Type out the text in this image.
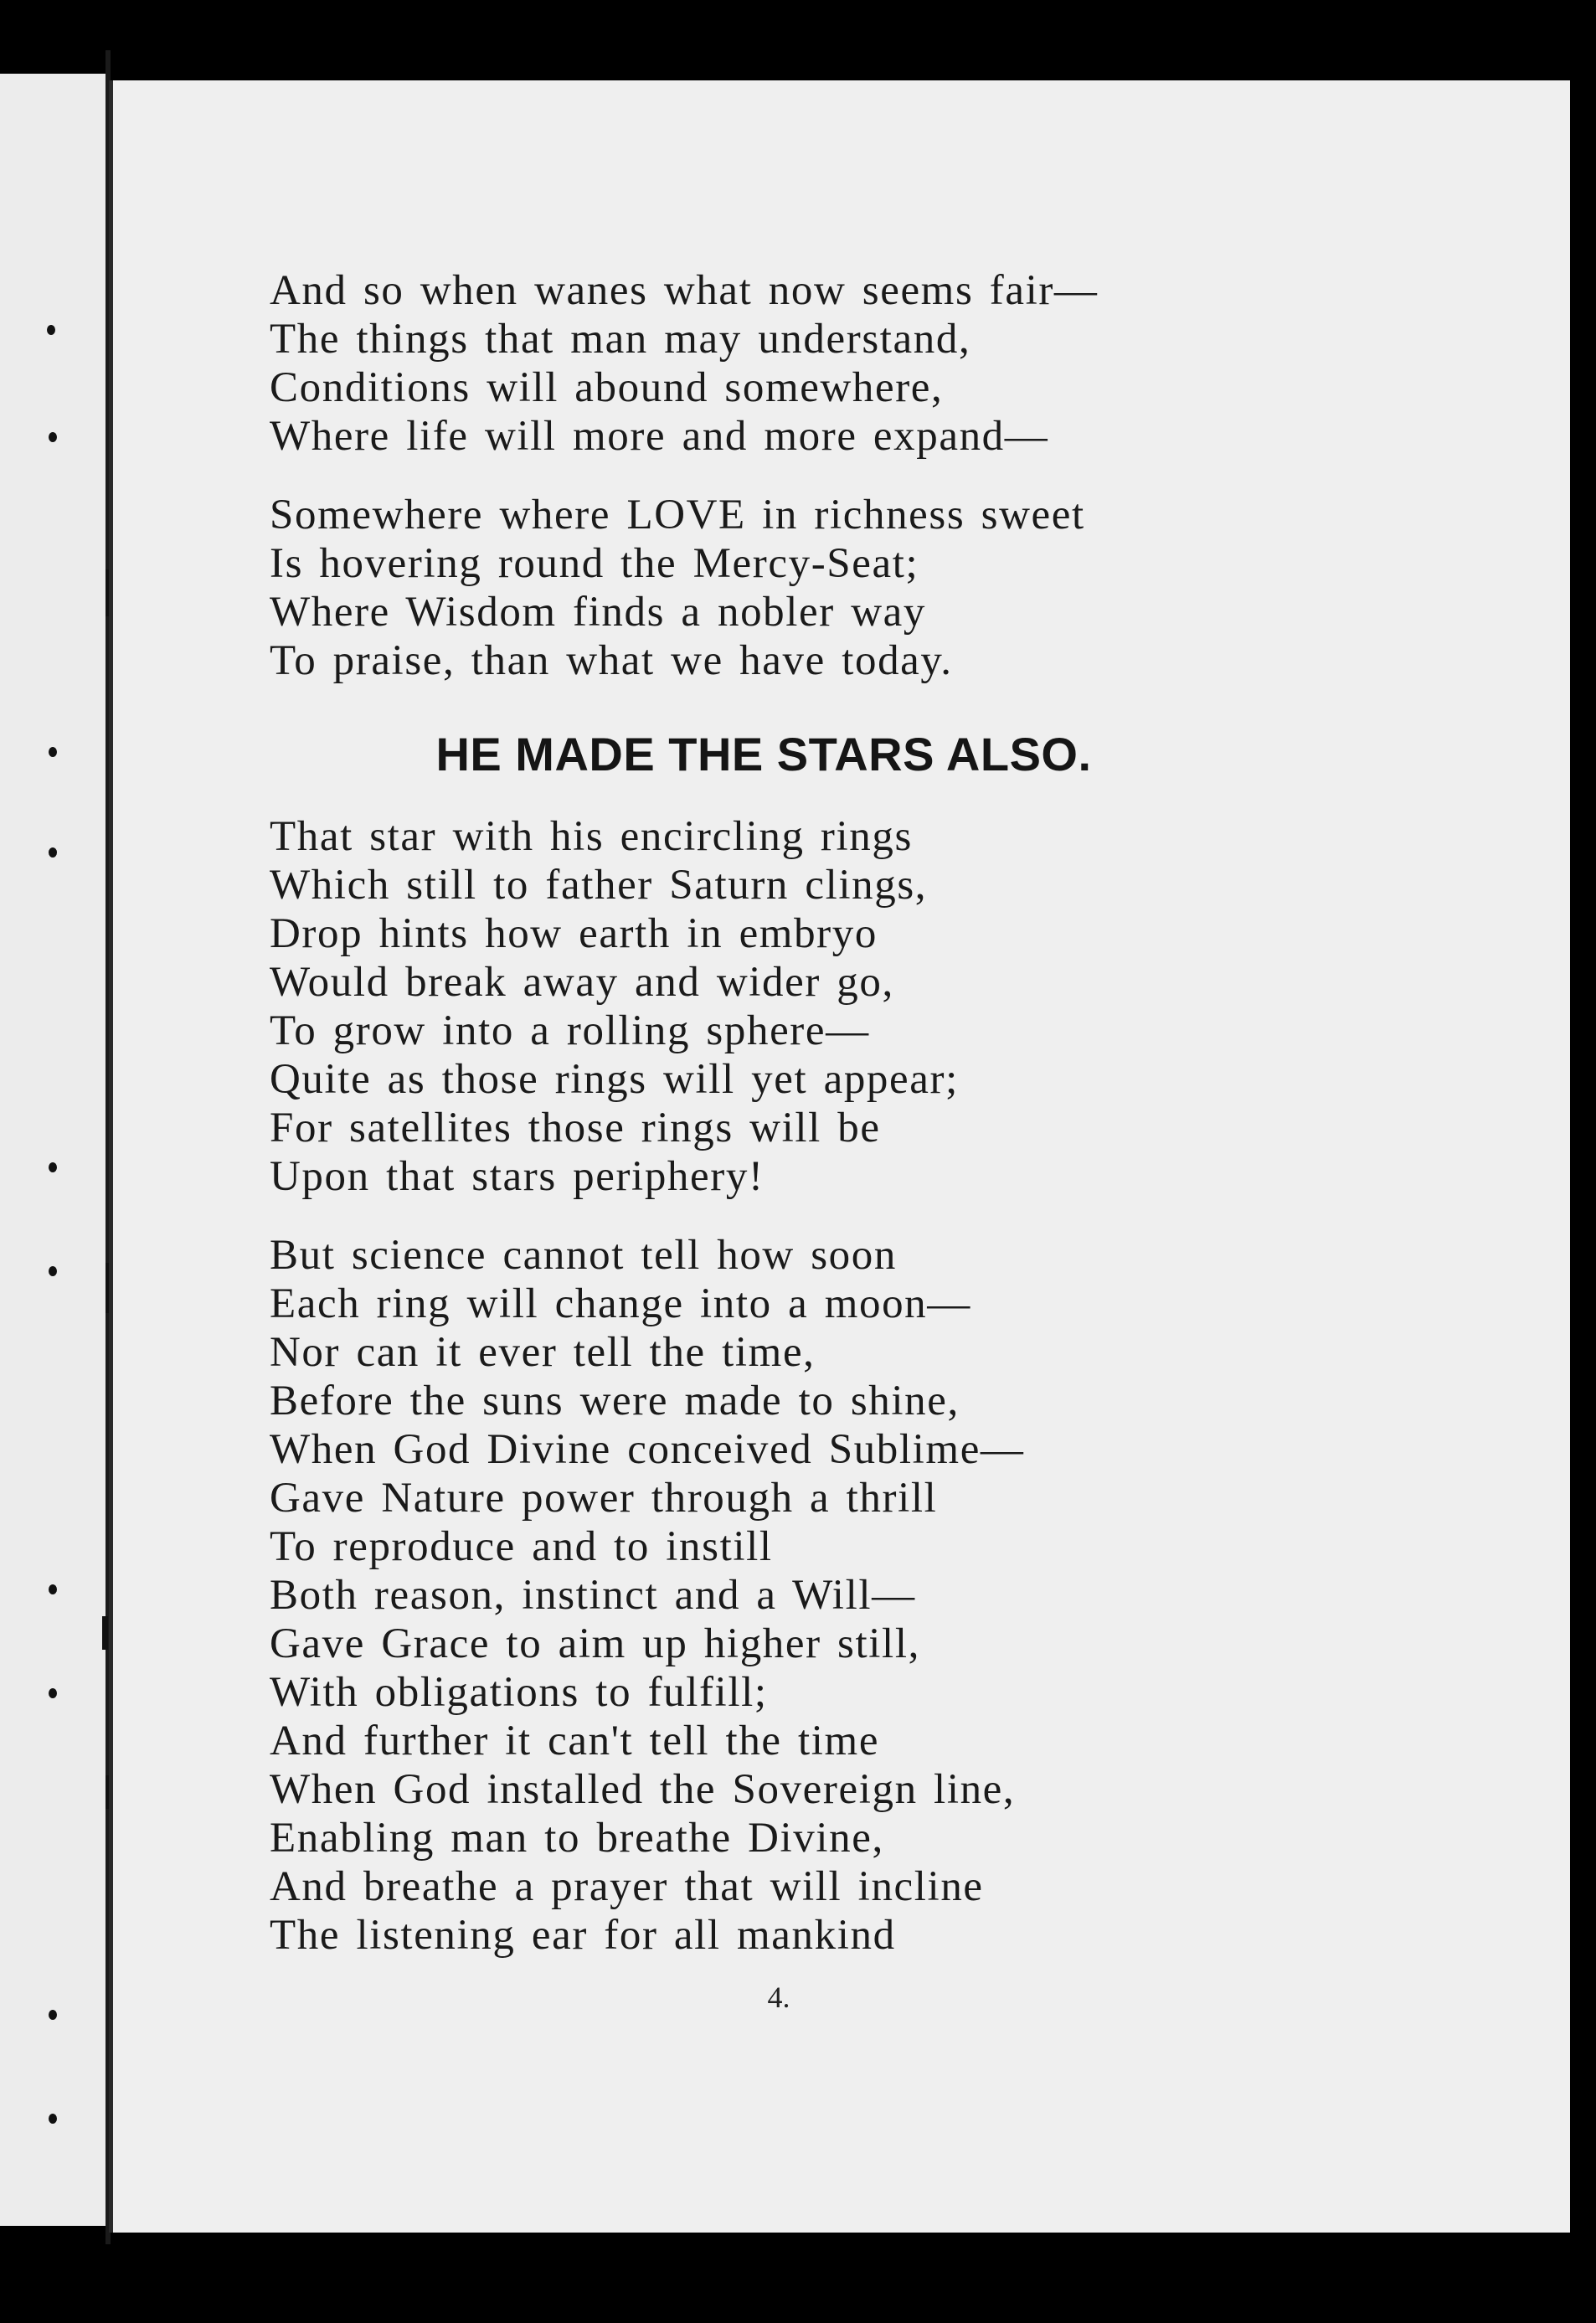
And so when wanes what now seems fair—
The things that man may understand,
Conditions will abound somewhere,
Where life will more and more expand—
Somewhere where LOVE in richness sweet
Is hovering round the Mercy-Seat;
Where Wisdom finds a nobler way
To praise, than what we have today.
HE MADE THE STARS ALSO.
That star with his encircling rings
Which still to father Saturn clings,
Drop hints how earth in embryo
Would break away and wider go,
To grow into a rolling sphere—
Quite as those rings will yet appear;
For satellites those rings will be
Upon that stars periphery!
But science cannot tell how soon
Each ring will change into a moon—
Nor can it ever tell the time,
Before the suns were made to shine,
When God Divine conceived Sublime—
Gave Nature power through a thrill
To reproduce and to instill
Both reason, instinct and a Will—
Gave Grace to aim up higher still,
With obligations to fulfill;
And further it can't tell the time
When God installed the Sovereign line,
Enabling man to breathe Divine,
And breathe a prayer that will incline
The listening ear for all mankind
4.
